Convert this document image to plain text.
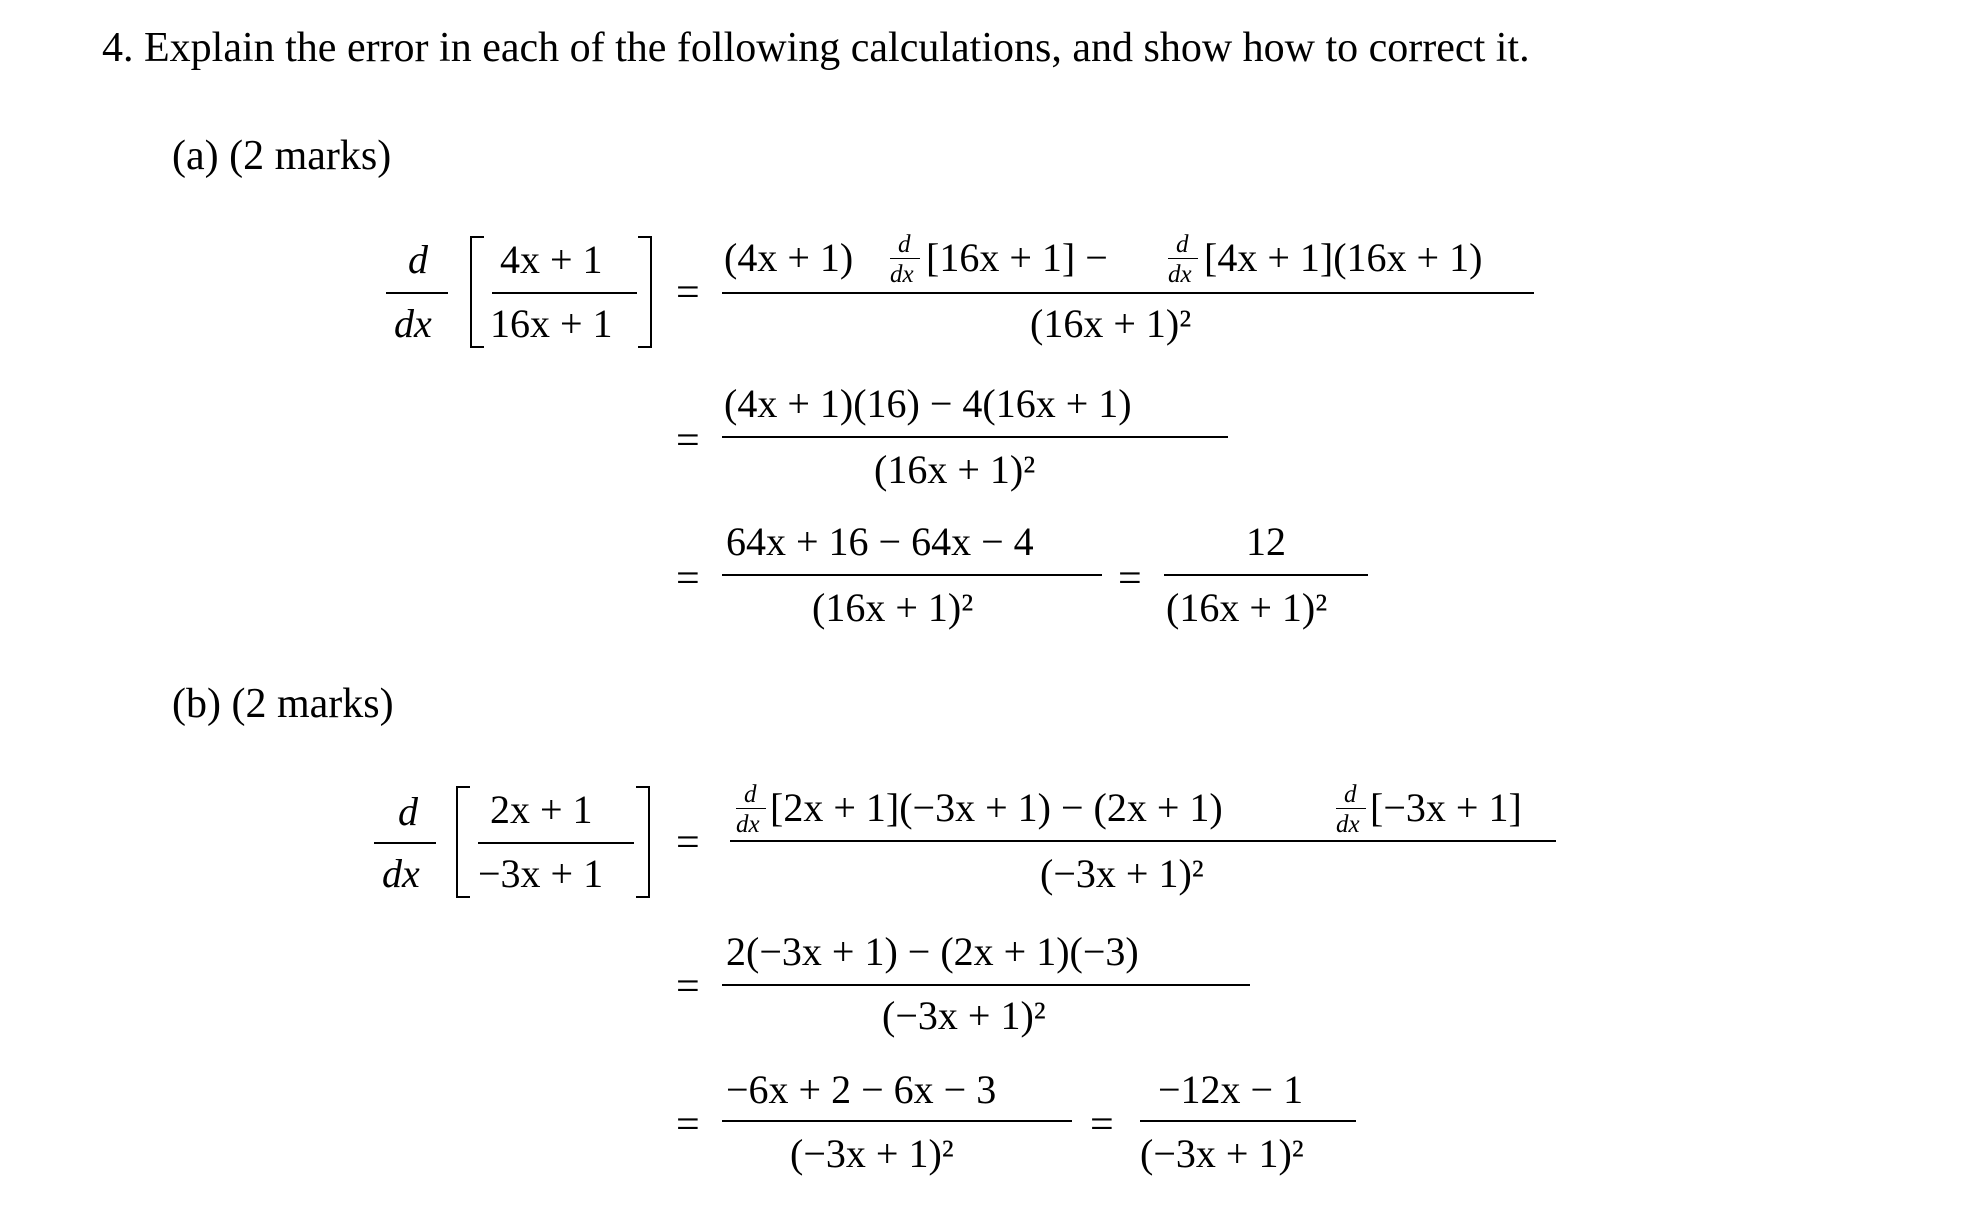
4. Explain the error in each of the following calculations, and show how to correct it.
(a) (2 marks)
d
dx
4x + 1
16x + 1
=
(4x + 1) d
dx [16x + 1] −	d
dx [4x + 1](16x + 1)
(16x + 1)²
=
(4x + 1)(16) − 4(16x + 1)
(16x + 1)²
=
64x + 16 − 64x − 4
(16x + 1)²
=
12
(16x + 1)²
(b) (2 marks)
d
dx
2x + 1
−3x + 1
=
d
dx [2x + 1](−3x + 1) − (2x + 1)	d
dx [−3x + 1]
(−3x + 1)²
=
2(−3x + 1) − (2x + 1)(−3)
(−3x + 1)²
=
−6x + 2 − 6x − 3
(−3x + 1)²
=
−12x − 1
(−3x + 1)²
